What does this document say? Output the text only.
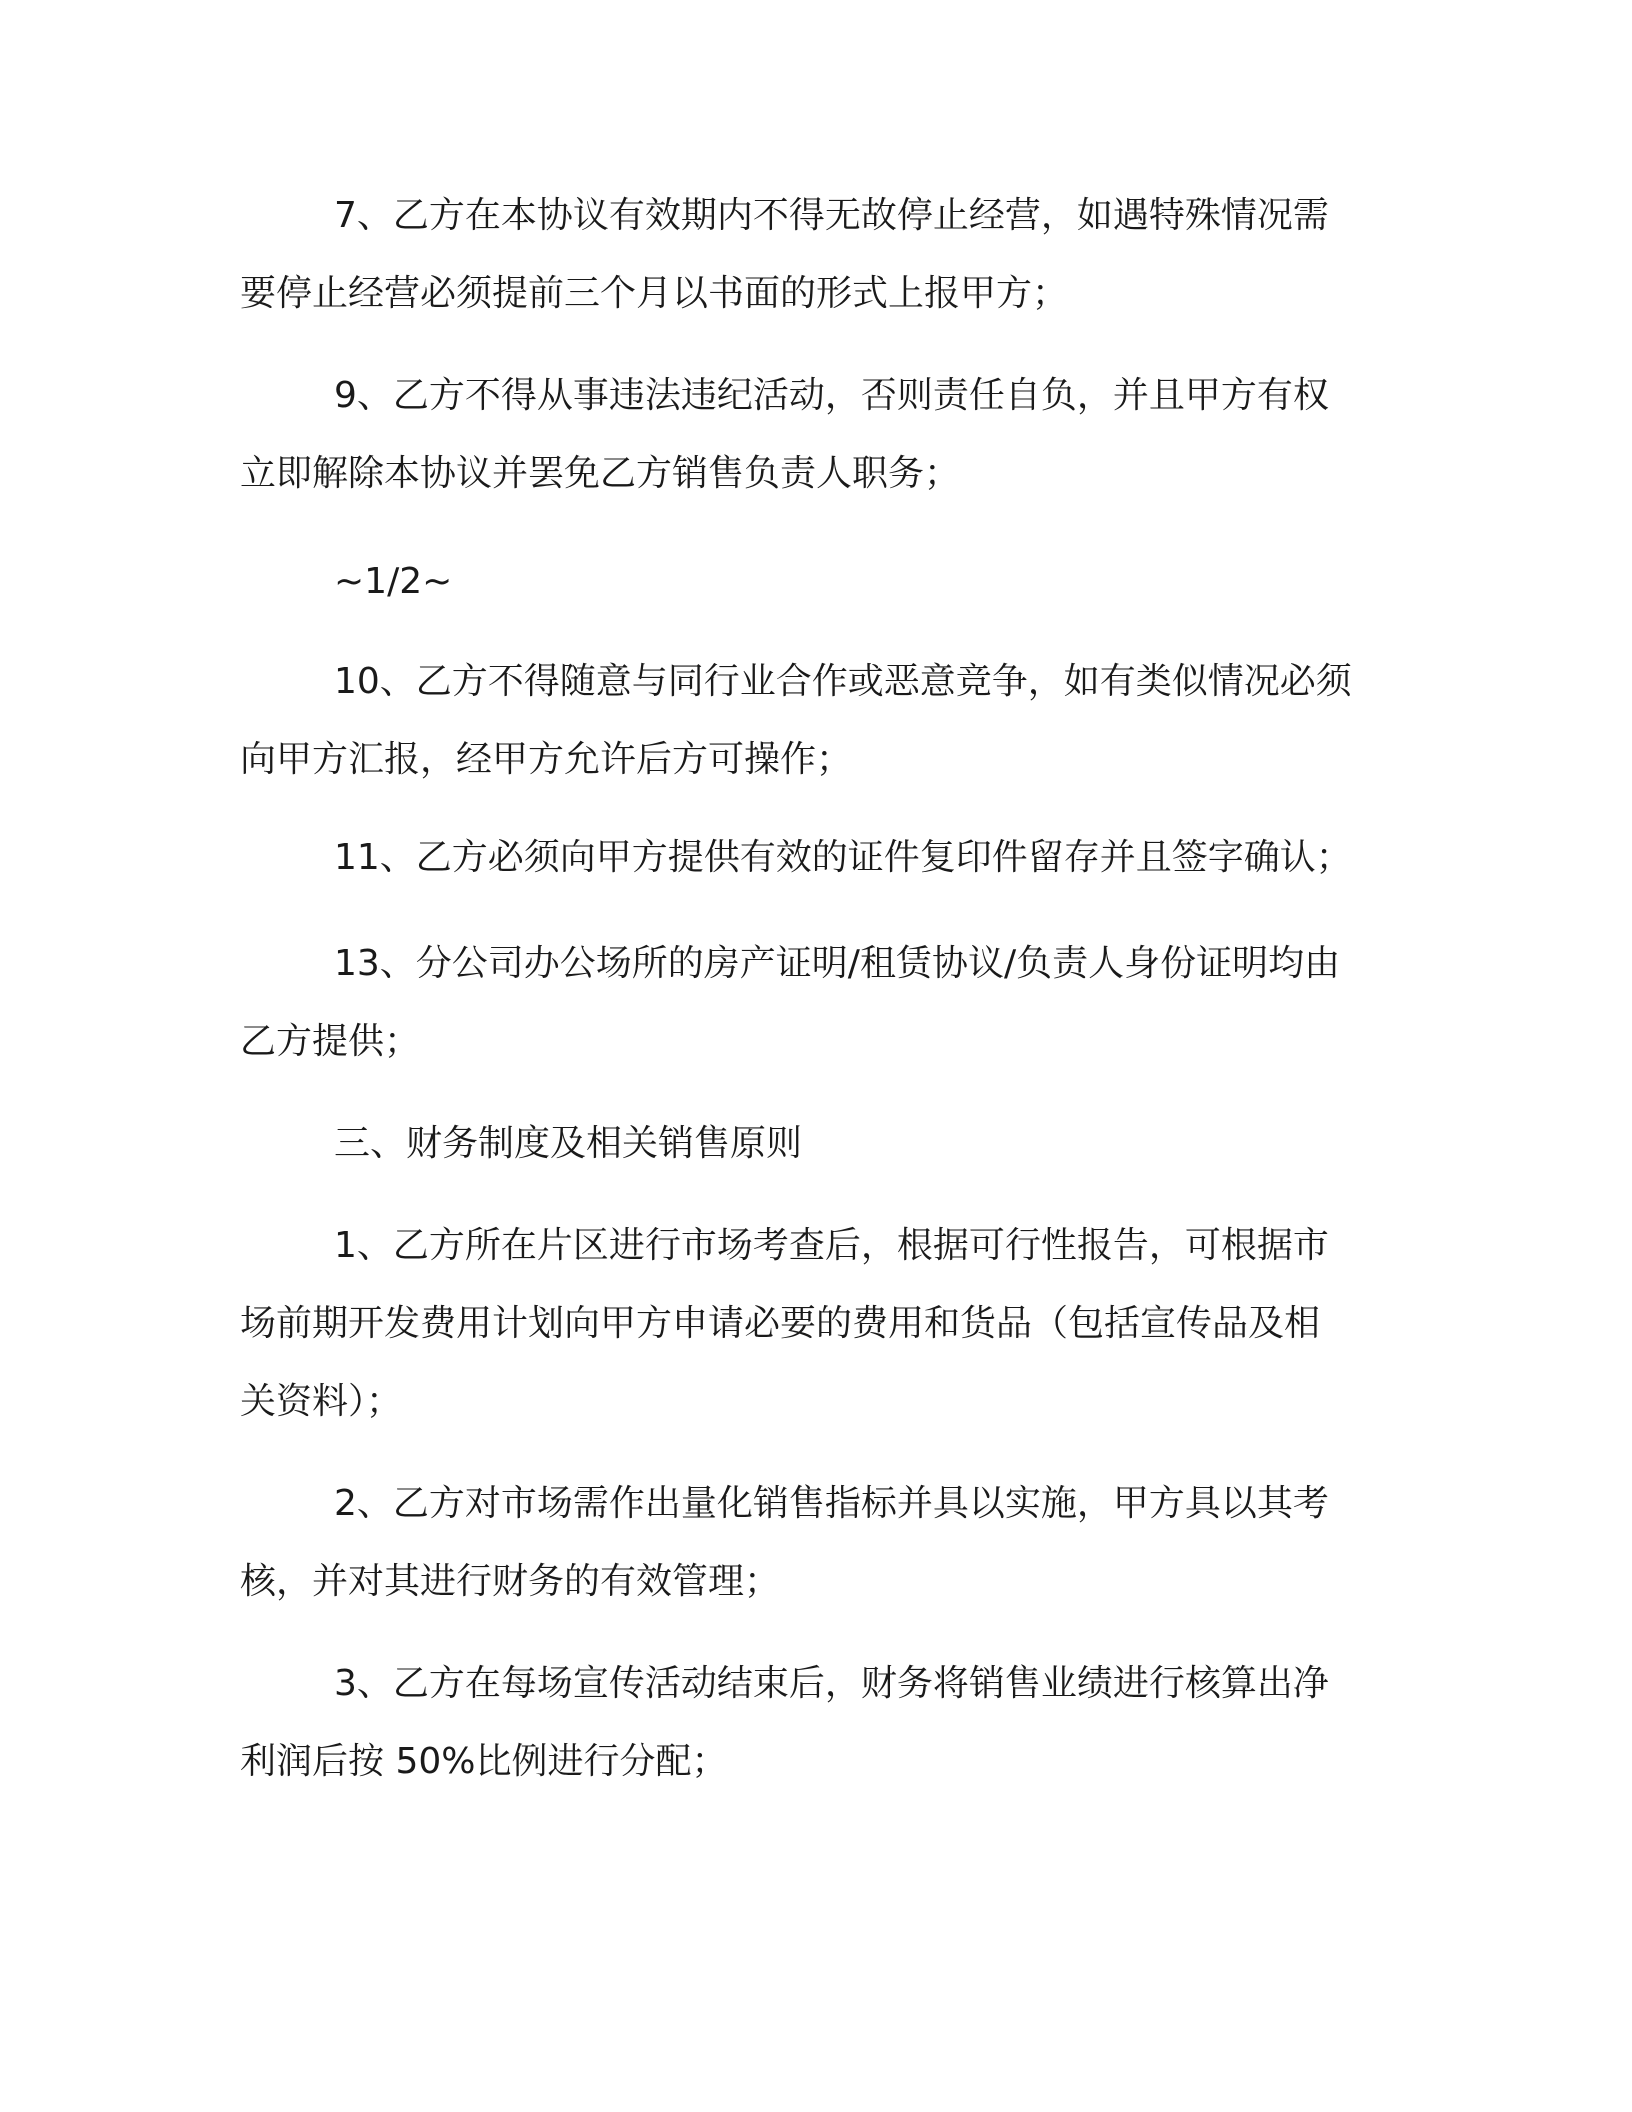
7、乙方在本协议有效期内不得无故停止经营，如遇特殊情况需
要停止经营必须提前三个月以书面的形式上报甲方；

9、乙方不得从事违法违纪活动，否则责任自负，并且甲方有权
立即解除本协议并罢免乙方销售负责人职务；

~1/2~

10、乙方不得随意与同行业合作或恶意竞争，如有类似情况必须
向甲方汇报，经甲方允许后方可操作；

11、乙方必须向甲方提供有效的证件复印件留存并且签字确认；

13、分公司办公场所的房产证明/租赁协议/负责人身份证明均由
乙方提供；

三、财务制度及相关销售原则

1、乙方所在片区进行市场考查后，根据可行性报告，可根据市
场前期开发费用计划向甲方申请必要的费用和货品（包括宣传品及相
关资料）；

2、乙方对市场需作出量化销售指标并具以实施，甲方具以其考
核，并对其进行财务的有效管理；

3、乙方在每场宣传活动结束后，财务将销售业绩进行核算出净
利润后按 50%比例进行分配；
